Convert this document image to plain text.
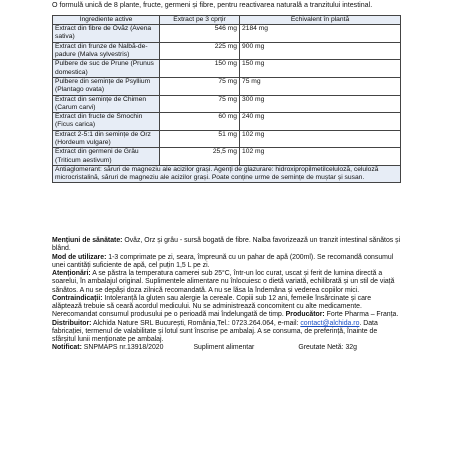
O formulă unică de 8 plante, fructe, germeni și fibre, pentru reactivarea naturală a tranzitului intestinal.
Ingrediente active	Extract pe 3 cprțir	Echivalent în plantă
Extract din fibre de Ovăz (Avena sativa)	546 mg	2184 mg
Extract din frunze de Nalbă-de-padure (Malva sylvestris)	225 mg	900 mg
Pulbere de suc de Prune (Prunus domestica)	150 mg	150 mg
Pulbere din semințe de Psyllium (Plantago ovata)	75 mg	75 mg
Extract din semințe de Chimen (Carum carvi)	75 mg	300 mg
Extract din fructe de Smochin (Ficus carica)	60 mg	240 mg
Extract 2-5:1 din semințe de Orz (Hordeum vulgare)	51 mg	102 mg
Extract din germeni de Grâu (Triticum aestivum)	25,5 mg	102 mg
Antiaglomerant: săruri de magneziu ale acizilor grași. Agenți de glazurare: hidroxipropilmetilceluloză, celuloză microcristalină, săruri de magneziu ale acizilor grași. Poate conține urme de semințe de muștar și susan.		

Mențiuni de sănătate: Ovăz, Orz și grâu - sursă bogată de fibre. Nalba favorizează un tranzit intestinal sănătos și blând.

Mod de utilizare: 1-3 comprimate pe zi, seara, împreună cu un pahar de apă (200ml). Se recomandă consumul unei cantități suficiente de apă, cel puțin 1,5 L pe zi.

Atenționări: A se păstra la temperatura camerei sub 25°C, într-un loc curat, uscat și ferit de lumina directă a soarelui, în ambalajul original. Suplimentele alimentare nu înlocuiesc o dietă variată, echilibrată și un stil de viață sănătos. A nu se depăși doza zilnică recomandată. A nu se lăsa la îndemâna și vederea copiilor mici.

Contraindicații: Intoleranță la gluten sau alergie la cereale. Copiii sub 12 ani, femeile însărcinate și care alăptează trebuie să ceară acordul medicului. Nu se administrează concomitent cu alte medicamente. Nerecomandat consumul produsului pe o perioadă mai îndelungată de timp. Producător: Forte Pharma – Franța. Distribuitor: Alchida Nature SRL București, România,Tel.: 0723.264.064, e-mail: contact@alchida.ro. Data fabricației, termenul de valabilitate și lotul sunt înscrise pe ambalaj. A se consuma, de preferință, înainte de sfârșitul lunii menționate pe ambalaj.

Notificat: SNPMAPS nr.13918/2020	Supliment alimentar	Greutate Netă: 32g
